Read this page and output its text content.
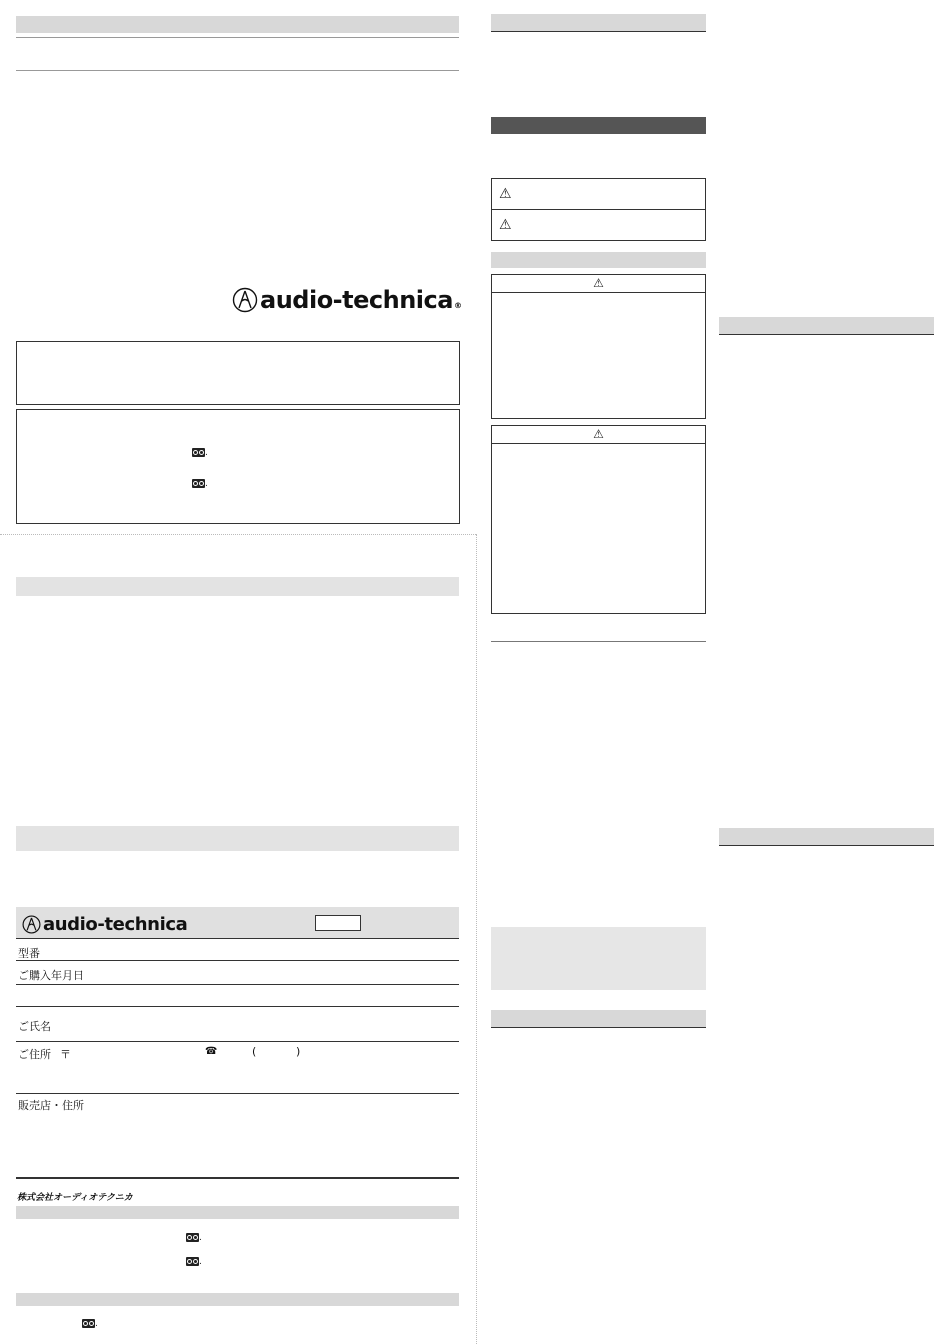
audio-technica ®
.
.
audio-technica
型番
ご購入年月日
ご氏名
ご住所 〒	☎	(	)
販売店・住所
株式会社オーディオテクニカ
.
.
.
⚠
⚠
⚠
⚠
